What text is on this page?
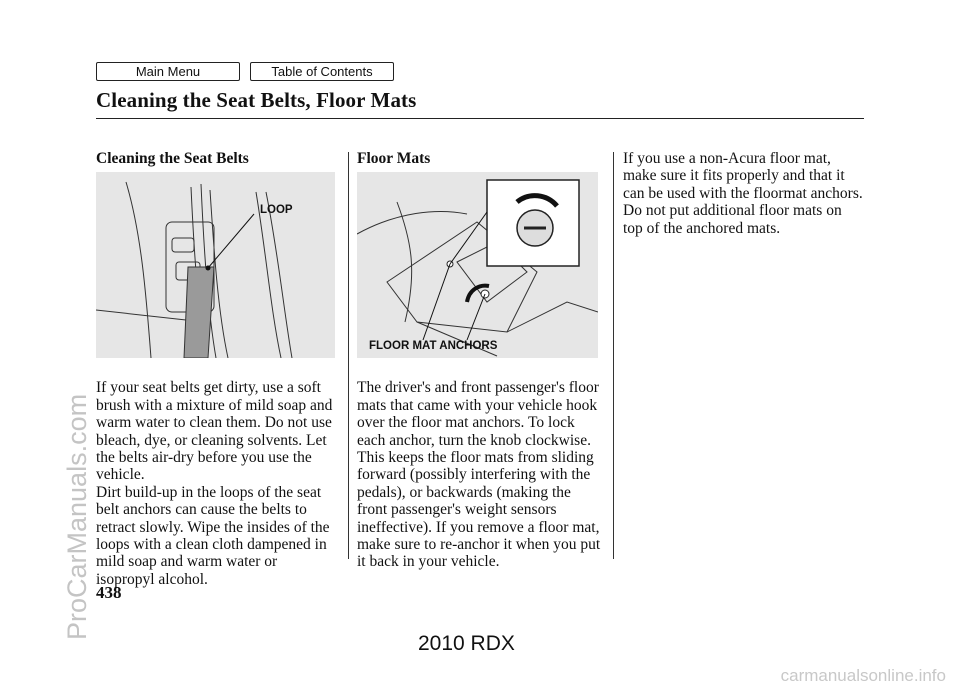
Main Menu	Table of Contents
Cleaning the Seat Belts, Floor Mats
Cleaning the Seat Belts

If your seat belts get dirty, use a soft brush with a mixture of mild soap and warm water to clean them. Do not use bleach, dye, or cleaning solvents. Let the belts air-dry before you use the vehicle.

Dirt build-up in the loops of the seat belt anchors can cause the belts to retract slowly. Wipe the insides of the loops with a clean cloth dampened in mild soap and warm water or isopropyl alcohol.

LOOP
Floor Mats

The driver's and front passenger's floor mats that came with your vehicle hook over the floor mat anchors. To lock each anchor, turn the knob clockwise. This keeps the floor mats from sliding forward (possibly interfering with the pedals), or backwards (making the front passenger's weight sensors ineffective). If you remove a floor mat, make sure to re-anchor it when you put it back in your vehicle.

FLOOR MAT ANCHORS

If you use a non-Acura floor mat, make sure it fits properly and that it can be used with the floormat anchors. Do not put additional floor mats on top of the anchored mats.

438
2010 RDX
ProCarManuals.com
carmanualsonline.info
